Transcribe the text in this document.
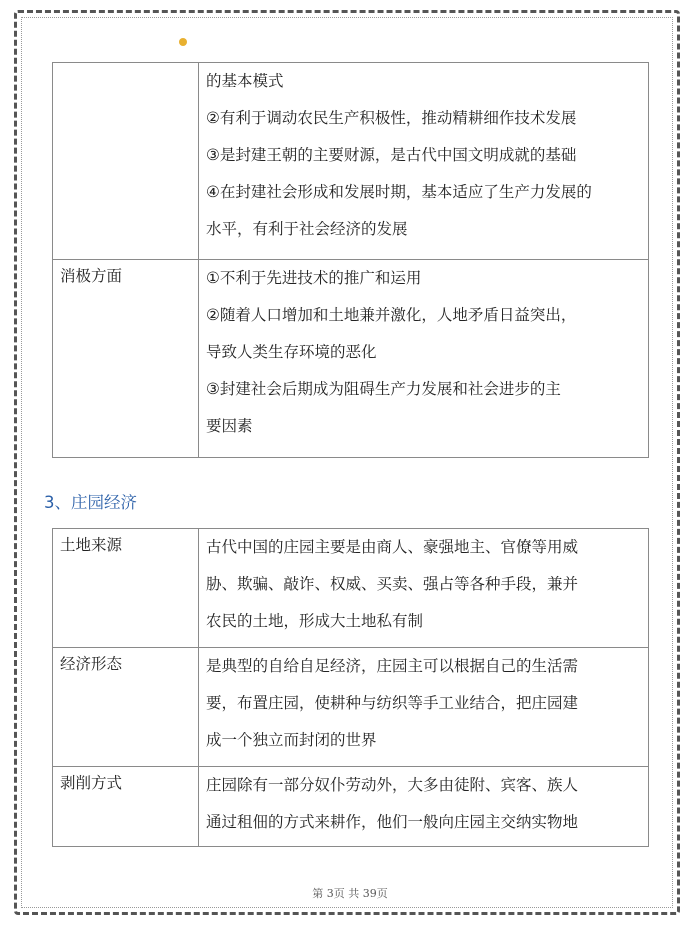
	的基本模式
②有利于调动农民生产积极性，推动精耕细作技术发展
③是封建王朝的主要财源，是古代中国文明成就的基础
④在封建社会形成和发展时期，基本适应了生产力发展的
水平，有利于社会经济的发展

消极方面	①不利于先进技术的推广和运用
②随着人口增加和土地兼并激化，人地矛盾日益突出，
导致人类生存环境的恶化
③封建社会后期成为阻碍生产力发展和社会进步的主
要因素
3、庄园经济
土地来源	古代中国的庄园主要是由商人、豪强地主、官僚等用威
胁、欺骗、敲诈、权威、买卖、强占等各种手段，兼并
农民的土地，形成大土地私有制

经济形态	是典型的自给自足经济，庄园主可以根据自己的生活需
要，布置庄园，使耕种与纺织等手工业结合，把庄园建
成一个独立而封闭的世界

剥削方式	庄园除有一部分奴仆劳动外，大多由徒附、宾客、族人
通过租佃的方式来耕作，他们一般向庄园主交纳实物地
第 3页 共 39页
